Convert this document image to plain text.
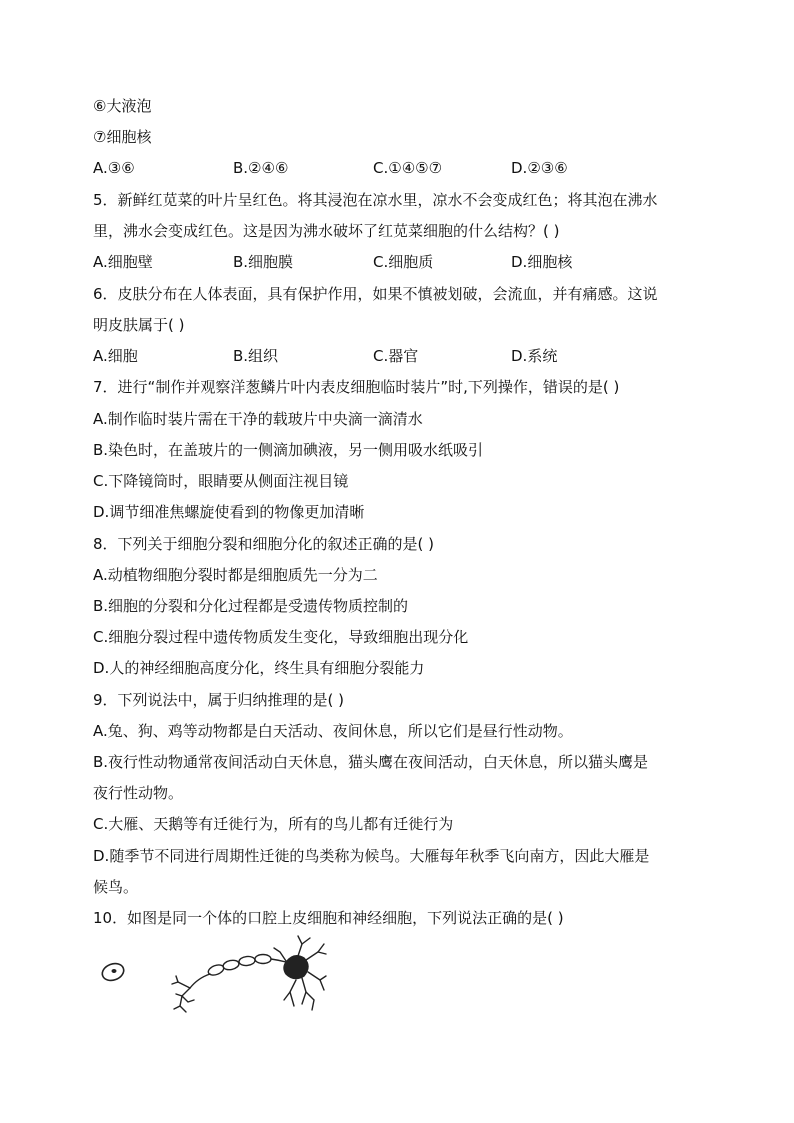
⑥大液泡
⑦细胞核
A.③⑥	B.②④⑥	C.①④⑤⑦	D.②③⑥
5．新鲜红苋菜的叶片呈红色。将其浸泡在凉水里，凉水不会变成红色；将其泡在沸水
里，沸水会变成红色。这是因为沸水破坏了红苋菜细胞的什么结构？( )
A.细胞壁	B.细胞膜	C.细胞质	D.细胞核
6．皮肤分布在人体表面，具有保护作用，如果不慎被划破，会流血，并有痛感。这说
明皮肤属于( )
A.细胞	B.组织	C.器官	D.系统
7．进行“制作并观察洋葱鳞片叶内表皮细胞临时装片”时,下列操作，错误的是( )
A.制作临时装片需在干净的载玻片中央滴一滴清水
B.染色时，在盖玻片的一侧滴加碘液，另一侧用吸水纸吸引
C.下降镜筒时，眼睛要从侧面注视目镜
D.调节细准焦螺旋使看到的物像更加清晰
8．下列关于细胞分裂和细胞分化的叙述正确的是( )
A.动植物细胞分裂时都是细胞质先一分为二
B.细胞的分裂和分化过程都是受遗传物质控制的
C.细胞分裂过程中遗传物质发生变化，导致细胞出现分化
D.人的神经细胞高度分化，终生具有细胞分裂能力
9．下列说法中，属于归纳推理的是( )
A.兔、狗、鸡等动物都是白天活动、夜间休息，所以它们是昼行性动物。
B.夜行性动物通常夜间活动白天休息，猫头鹰在夜间活动，白天休息，所以猫头鹰是
夜行性动物。
C.大雁、天鹅等有迁徙行为，所有的鸟儿都有迁徙行为
D.随季节不同进行周期性迁徙的鸟类称为候鸟。大雁每年秋季飞向南方，因此大雁是
候鸟。
10．如图是同一个体的口腔上皮细胞和神经细胞，下列说法正确的是( )
